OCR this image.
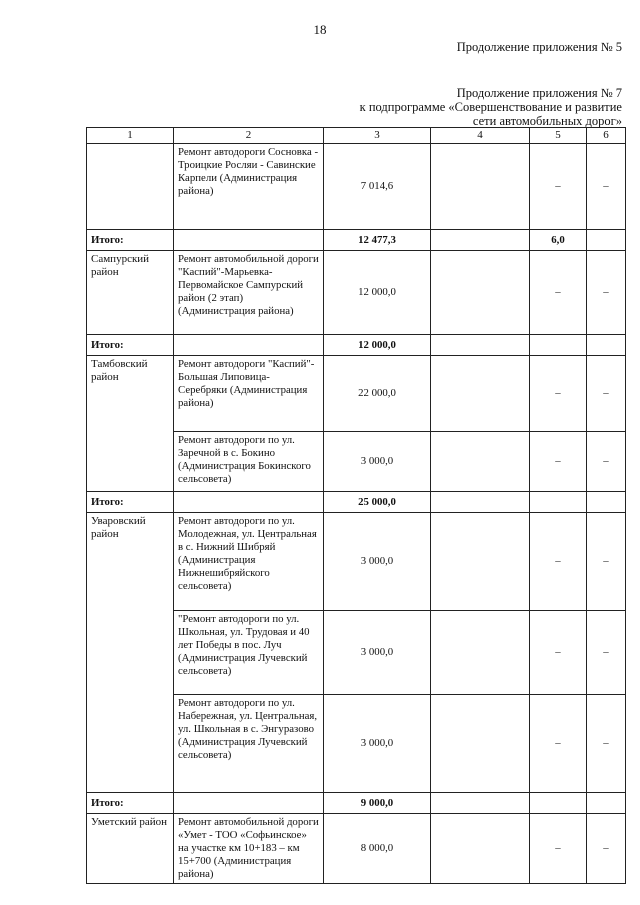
18
Продолжение приложения № 5
Продолжение приложения № 7
к подпрограмме «Совершенствование и развитие
сети автомобильных дорог»
1	2	3	4	5	6
	Ремонт автодороги Сосновка - Троицкие Росляи - Савинские Карпели (Администрация района)	7 014,6		–	–
Итого:		12 477,3		6,0	
Сампурский район	Ремонт автомобильной дороги "Каспий"-Марьевка-Первомайское Сампурский район (2 этап) (Администрация района)	12 000,0		–	–
Итого:		12 000,0			
Тамбовский район	Ремонт автодороги "Каспий"-Большая Липовица-Серебряки (Администрация района)	22 000,0		–	–
	Ремонт автодороги по ул. Заречной в с. Бокино (Администрация Бокинского сельсовета)	3 000,0		–	–
Итого:		25 000,0			
Уваровский район	Ремонт автодороги по ул. Молодежная, ул. Центральная в с. Нижний Шибряй (Администрация Нижнешибряйского сельсовета)	3 000,0		–	–
	"Ремонт автодороги по ул. Школьная, ул. Трудовая и 40 лет Победы в пос. Луч (Администрация Лучевский сельсовета)	3 000,0		–	–
	Ремонт автодороги по ул. Набережная, ул. Центральная, ул. Школьная в с. Энгуразово (Администрация Лучевский сельсовета)	3 000,0		–	–
Итого:		9 000,0			
Уметский район	Ремонт автомобильной дороги «Умет - ТОО «Софьинское» на участке км 10+183 – км 15+700 (Администрация района)	8 000,0		–	–
